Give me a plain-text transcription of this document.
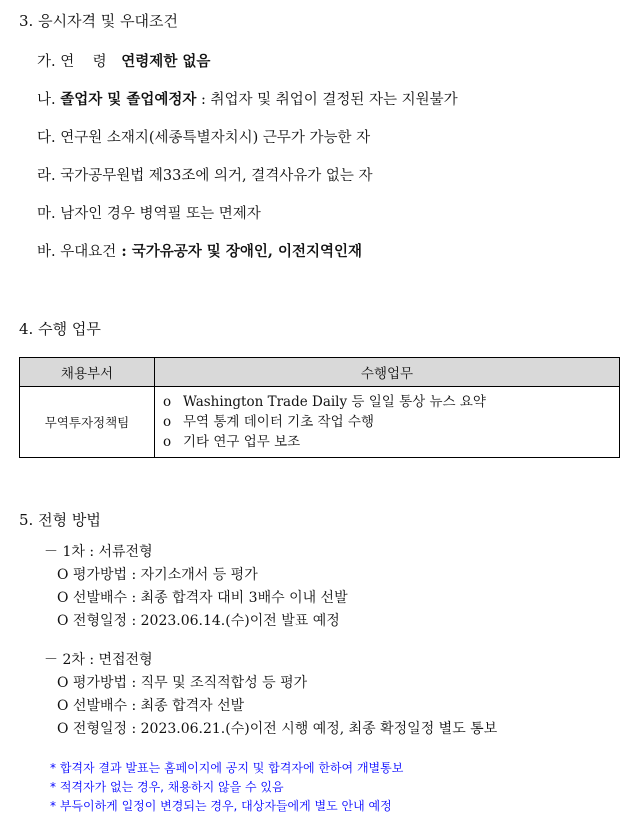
3. 응시자격 및 우대조건
가. 연    령 연령제한 없음
나. 졸업자 및 졸업예정자 : 취업자 및 취업이 결정된 자는 지원불가
다. 연구원 소재지(세종특별자치시) 근무가 가능한 자
라. 국가공무원법 제33조에 의거, 결격사유가 없는 자
마. 남자인 경우 병역필 또는 면제자
바. 우대요건 : 국가유공자 및 장애인, 이전지역인재
4. 수행 업무
채용부서	수행업무
무역투자정책팀	o Washington Trade Daily 등 일일 통상 뉴스 요약
o 무역 통계 데이터 기초 작업 수행
o 기타 연구 업무 보조
5. 전형 방법
－ 1차 : 서류전형
O 평가방법 : 자기소개서 등 평가
O 선발배수 : 최종 합격자 대비 3배수 이내 선발
O 전형일정 : 2023.06.14.(수)이전 발표 예정
－ 2차 : 면접전형
O 평가방법 : 직무 및 조직적합성 등 평가
O 선발배수 : 최종 합격자 선발
O 전형일정 : 2023.06.21.(수)이전 시행 예정, 최종 확정일정 별도 통보
* 합격자 결과 발표는 홈페이지에 공지 및 합격자에 한하여 개별통보
* 적격자가 없는 경우, 채용하지 않을 수 있음
* 부득이하게 일정이 변경되는 경우, 대상자들에게 별도 안내 예정
